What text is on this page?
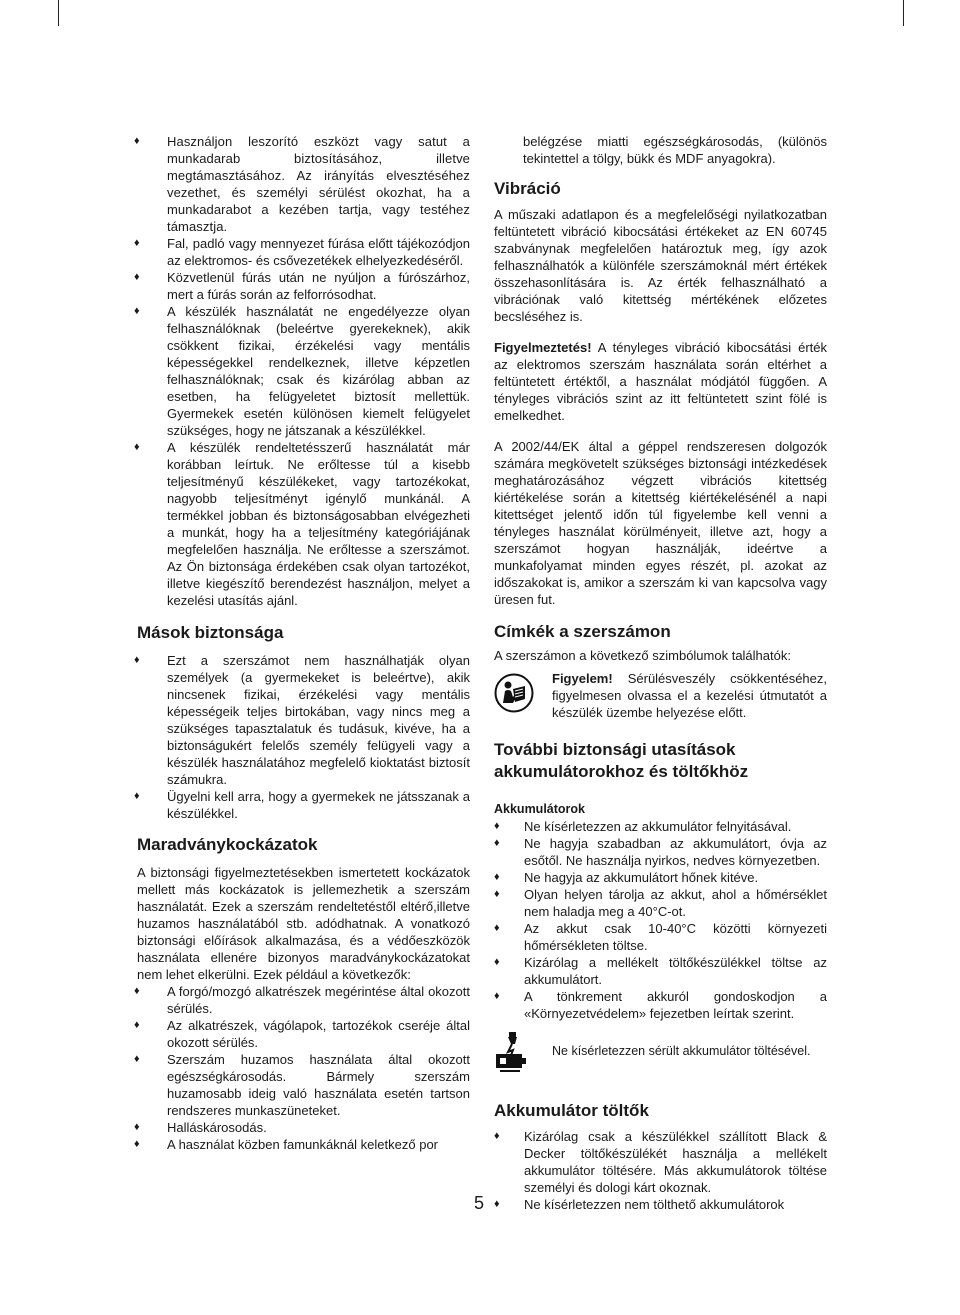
♦ Használjon leszorító eszközt vagy satut a munkadarab biztosításához, illetve megtámasztásához. Az irányítás elvesztéséhez vezethet, és személyi sérülést okozhat, ha a munkadarabot a kezében tartja, vagy testéhez támasztja.
♦ Fal, padló vagy mennyezet fúrása előtt tájékozódjon az elektromos- és csővezetékek elhelyezkedéséről.
♦ Közvetlenül fúrás után ne nyúljon a fúrószárhoz, mert a fúrás során az felforrósodhat.
♦ A készülék használatát ne engedélyezze olyan felhasználóknak (beleértve gyerekeknek), akik csökkent fizikai, érzékelési vagy mentális képességekkel rendelkeznek, illetve képzetlen felhasználóknak; csak és kizárólag abban az esetben, ha felügyeletet biztosít mellettük. Gyermekek esetén különösen kiemelt felügyelet szükséges, hogy ne játszanak a készülékkel.
♦ A készülék rendeltetésszerű használatát már korábban leírtuk. Ne erőltesse túl a kisebb teljesítményű készülékeket, vagy tartozékokat, nagyobb teljesítményt igénylő munkánál. A termékkel jobban és biztonságosabban elvégezheti a munkát, hogy ha a teljesítmény kategóriájának megfelelően használja. Ne erőltesse a szerszámot. Az Ön biztonsága érdekében csak olyan tartozékot, illetve kiegészítő berendezést használjon, melyet a kezelési utasítás ajánl.
Mások biztonsága
♦ Ezt a szerszámot nem használhatják olyan személyek (a gyermekeket is beleértve), akik nincsenek fizikai, érzékelési vagy mentális képességeik teljes birtokában, vagy nincs meg a szükséges tapasztalatuk és tudásuk, kivéve, ha a biztonságukért felelős személy felügyeli vagy a készülék használatához megfelelő kioktatást biztosít számukra.
♦ Ügyelni kell arra, hogy a gyermekek ne játsszanak a készülékkel.
Maradványkockázatok

A biztonsági figyelmeztetésekben ismertetett kockázatok mellett más kockázatok is jellemezhetik a szerszám használatát. Ezek a szerszám rendeltetéstől eltérő,illetve huzamos használatából stb. adódhatnak. A vonatkozó biztonsági előírások alkalmazása, és a védőeszközök használata ellenére bizonyos maradványkockázatokat nem lehet elkerülni. Ezek például a következők:

♦ A forgó/mozgó alkatrészek megérintése által okozott sérülés.
♦ Az alkatrészek, vágólapok, tartozékok cseréje által okozott sérülés.
♦ Szerszám huzamos használata által okozott egészségkárosodás. Bármely szerszám huzamosabb ideig való használata esetén tartson rendszeres munkaszüneteket.
♦ Halláskárosodás.
♦ A használat közben famunkáknál keletkező por

belégzése miatti egészségkárosodás, (különös tekintettel a tölgy, bükk és MDF anyagokra).

Vibráció

A műszaki adatlapon és a megfelelőségi nyilatkozatban feltüntetett vibráció kibocsátási értékeket az EN 60745 szabványnak megfelelően határoztuk meg, így azok felhasználhatók a különféle szerszámoknál mért értékek összehasonlítására is. Az érték felhasználható a vibrációnak való kitettség mértékének előzetes becsléséhez is.

Figyelmeztetés! A tényleges vibráció kibocsátási érték az elektromos szerszám használata során eltérhet a feltüntetett értéktől, a használat módjától függően. A tényleges vibrációs szint az itt feltüntetett szint fölé is emelkedhet.

A 2002/44/EK által a géppel rendszeresen dolgozók számára megkövetelt szükséges biztonsági intézkedések meghatározásához végzett vibrációs kitettség kiértékelése során a kitettség kiértékelésénél a napi kitettséget jelentő időn túl figyelembe kell venni a tényleges használat körülményeit, illetve azt, hogy a szerszámot hogyan használják, ideértve a munkafolyamat minden egyes részét, pl. azokat az időszakokat is, amikor a szerszám ki van kapcsolva vagy üresen fut.

Címkék a szerszámon

A szerszámon a következő szimbólumok találhatók:

Figyelem! Sérülésveszély csökkentéséhez, figyelmesen olvassa el a kezelési útmutatót a készülék üzembe helyezése előtt.

További biztonsági utasítások akkumulátorokhoz és töltőkhöz
Akkumulátorok
♦ Ne kísérletezzen az akkumulátor felnyitásával.
♦ Ne hagyja szabadban az akkumulátort, óvja az esőtől. Ne használja nyirkos, nedves környezetben.
♦ Ne hagyja az akkumulátort hőnek kitéve.
♦ Olyan helyen tárolja az akkut, ahol a hőmérséklet nem haladja meg a 40°C-ot.
♦ Az akkut csak 10-40°C közötti környezeti hőmérsékleten töltse.
♦ Kizárólag a mellékelt töltőkészülékkel töltse az akkumulátort.
♦ A tönkrement akkuról gondoskodjon a «Környezetvédelem» fejezetben leírtak szerint.

Ne kísérletezzen sérült akkumulátor töltésével.

Akkumulátor töltők
♦ Kizárólag csak a készülékkel szállított Black & Decker töltőkészülékét használja a mellékelt akkumulátor töltésére. Más akkumulátorok töltése személyi és dologi kárt okoznak.
♦ Ne kísérletezzen nem tölthető akkumulátorok
5
